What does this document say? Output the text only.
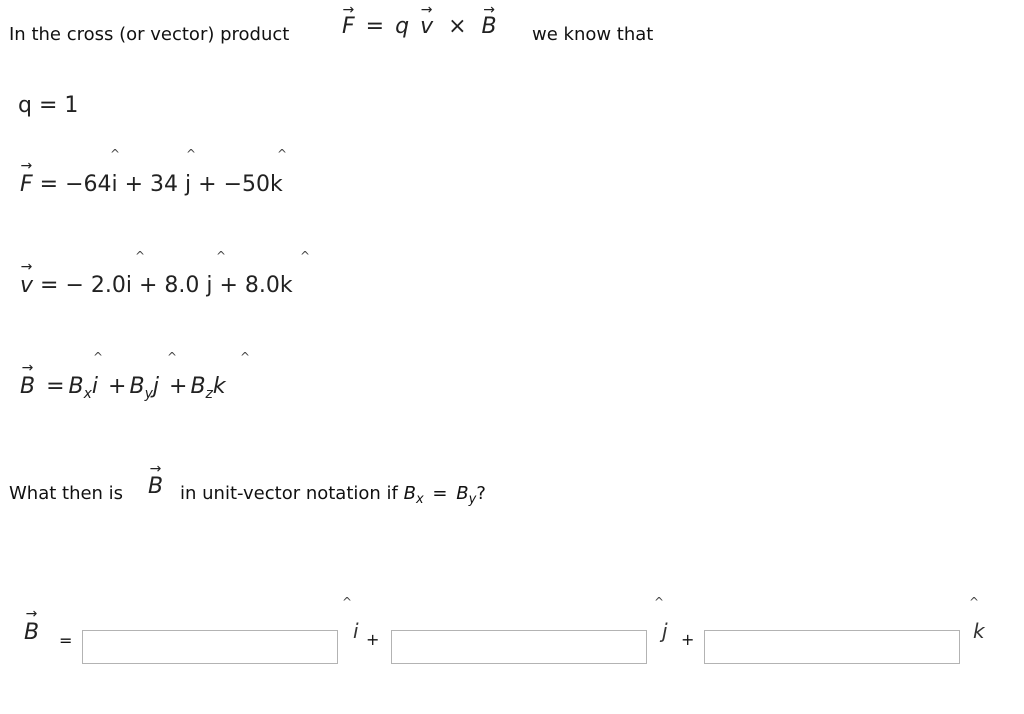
In the cross (or vector) product
→
F = q
→
v ×
→
B we know that
q = 1
→
F = −64i + 34 j + −50k
^	^	^
→
v = − 2.0i + 8.0 j + 8.0k
^	^	^
→
$B = B_xi + B_yj + B_zk$
^	^	^
What then is
→
B in unit-vector notation if $B_x = B_y$?
→
B =
^
i +
^
j +
^
k
